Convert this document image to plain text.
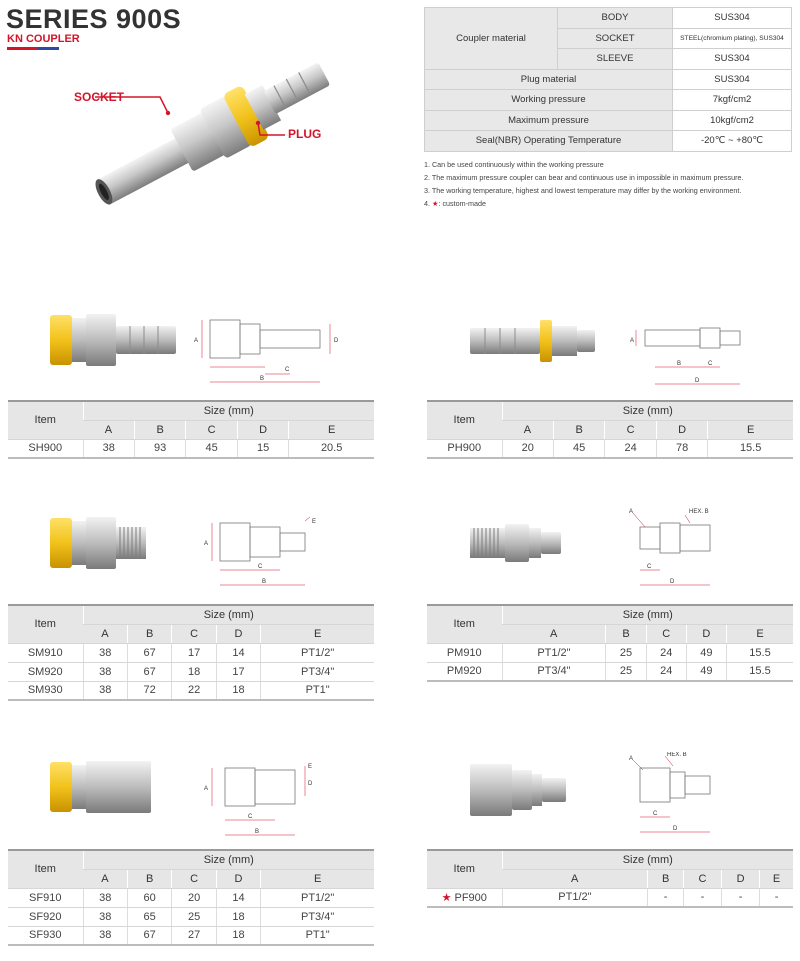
SERIES 900S
KN COUPLER
SOCKET
PLUG
Coupler material	BODY	SUS304
	SOCKET	STEEL(chromium plating), SUS304
	SLEEVE	SUS304
Plug material		SUS304
Working pressure		7kgf/cm2
Maximum pressure		10kgf/cm2
Seal(NBR) Operating Temperature		-20℃ ~ +80℃
1. Can be used continuously within the working pressure
2. The maximum pressure coupler can bear and continuous use in impossible in maximum pressure.
3. The working temperature, highest and lowest temperature may differ by the working environment.
4. ★: custom-made
A
B
C
D	A
B	C
D
A
B
C
E
A	HEX. B
C
D
A
B
C
D
E
A
HEX. B
C
D
Item	Size (mm)				
	A	B	C	D	E
SH900	38	93	45	15	20.5
Item	Size (mm)				
	A	B	C	D	E
PH900	20	45	24	78	15.5
Item	Size (mm)				
	A	B	C	D	E
SM910	38	67	17	14	PT1/2"
SM920	38	67	18	17	PT3/4"
SM930	38	72	22	18	PT1"
Item	Size (mm)				
	A	B	C	D	E
PM910	PT1/2"	25	24	49	15.5
PM920	PT3/4"	25	24	49	15.5
Item	Size (mm)				
	A	B	C	D	E
SF910	38	60	20	14	PT1/2"
SF920	38	65	25	18	PT3/4"
SF930	38	67	27	18	PT1"
Item	Size (mm)				
	A	B	C	D	E
★ PF900	PT1/2"	-	-	-	-
